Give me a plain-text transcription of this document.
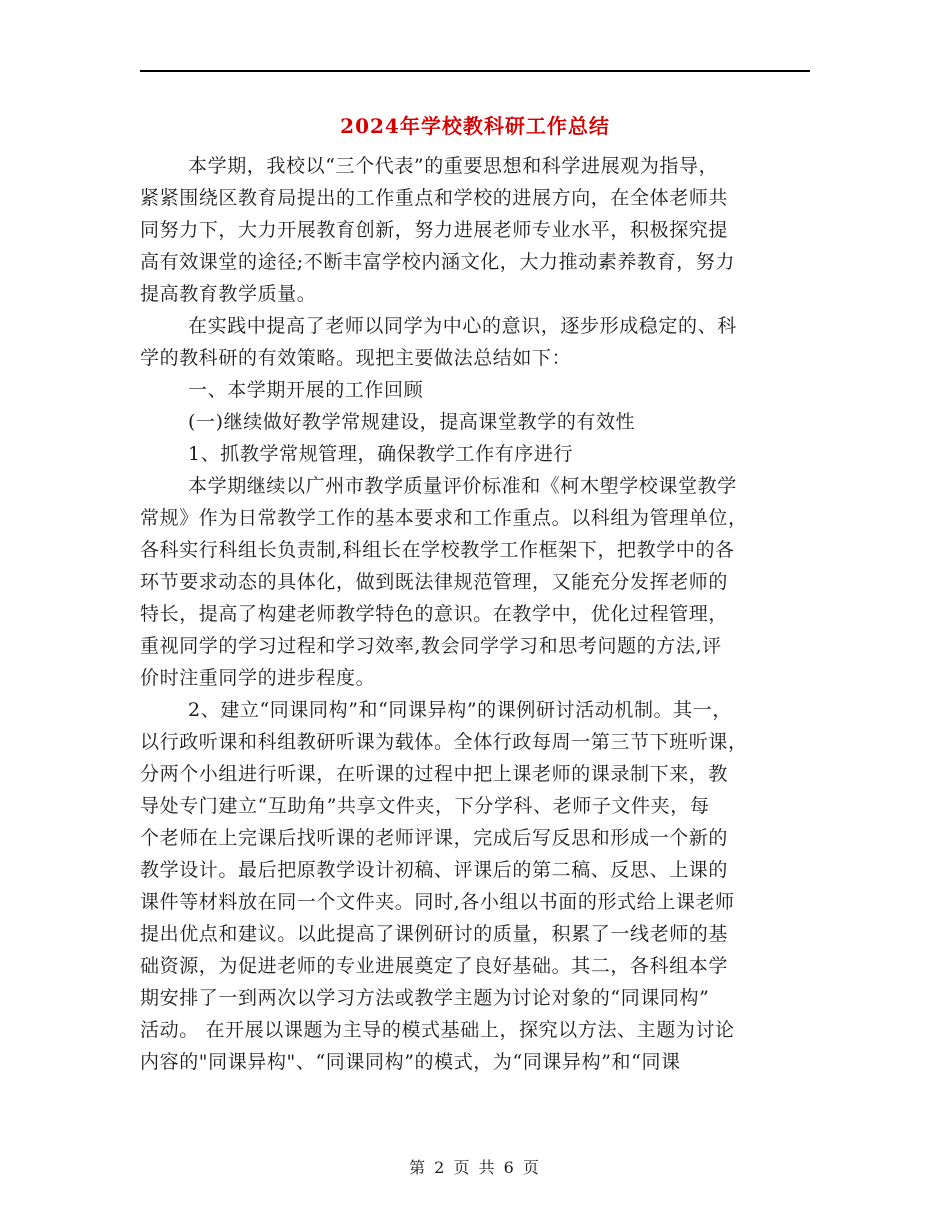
2024年学校教科研工作总结
本学期，我校以“三个代表”的重要思想和科学进展观为指导，
紧紧围绕区教育局提出的工作重点和学校的进展方向，在全体老师共
同努力下，大力开展教育创新，努力进展老师专业水平，积极探究提
高有效课堂的途径;不断丰富学校内涵文化，大力推动素养教育，努力
提高教育教学质量。
在实践中提高了老师以同学为中心的意识，逐步形成稳定的、科
学的教科研的有效策略。现把主要做法总结如下：
一、本学期开展的工作回顾
(一)继续做好教学常规建设，提高课堂教学的有效性
1、抓教学常规管理，确保教学工作有序进行
本学期继续以广州市教学质量评价标准和《柯木塱学校课堂教学
常规》作为日常教学工作的基本要求和工作重点。以科组为管理单位，
各科实行科组长负责制,科组长在学校教学工作框架下，把教学中的各
环节要求动态的具体化，做到既法律规范管理，又能充分发挥老师的
特长，提高了构建老师教学特色的意识。在教学中，优化过程管理，
重视同学的学习过程和学习效率,教会同学学习和思考问题的方法,评
价时注重同学的进步程度。
2、建立“同课同构”和“同课异构”的课例研讨活动机制。其一，
以行政听课和科组教研听课为载体。全体行政每周一第三节下班听课，
分两个小组进行听课，在听课的过程中把上课老师的课录制下来，教
导处专门建立“互助角”共享文件夹，下分学科、老师子文件夹，每
个老师在上完课后找听课的老师评课，完成后写反思和形成一个新的
教学设计。最后把原教学设计初稿、评课后的第二稿、反思、上课的
课件等材料放在同一个文件夹。同时,各小组以书面的形式给上课老师
提出优点和建议。以此提高了课例研讨的质量，积累了一线老师的基
础资源，为促进老师的专业进展奠定了良好基础。其二，各科组本学
期安排了一到两次以学习方法或教学主题为讨论对象的“同课同构”
活动。 在开展以课题为主导的模式基础上，探究以方法、主题为讨论
内容的"同课异构"、“同课同构”的模式，为“同课异构”和“同课
第 2 页 共 6 页
